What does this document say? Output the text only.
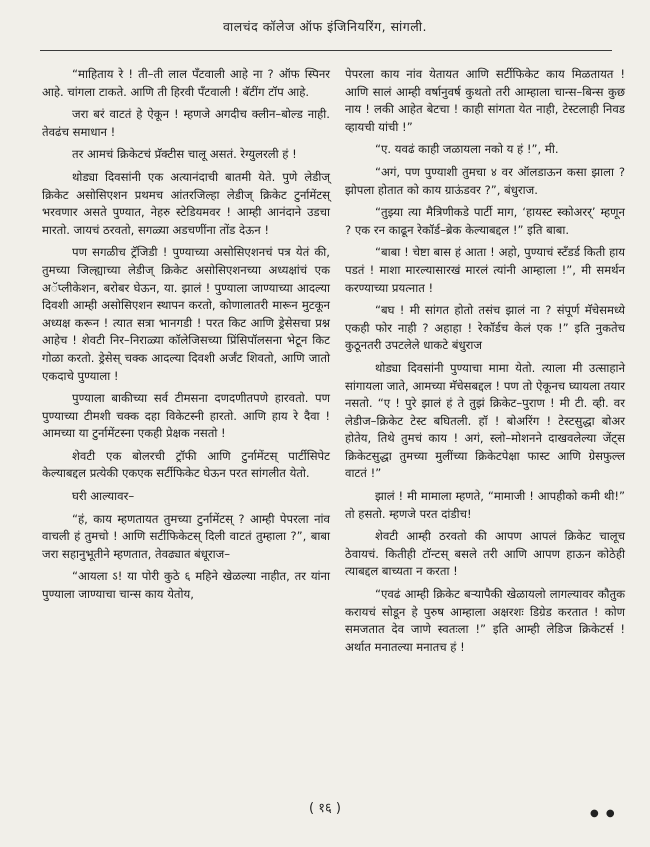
वालचंद कॉलेज ऑफ इंजिनियरिंग, सांगली.

“माहिताय रे ! ती–ती लाल पँटवाली आहे ना ? ऑफ स्पिनर आहे. चांगला टाकते. आणि ती हिरवी पँटवाली ! बॅटींग टॉप आहे.

जरा बरं वाटतं हे ऐकून ! म्हणजे अगदीच क्लीन–बोल्ड नाही. तेवढंच समाधान !

तर आमचं क्रिकेटचं प्रॅक्टीस चालू असतं. रेग्युलरली हं !

थोड्या दिवसांनी एक अत्यानंदाची बातमी येते. पुणे लेडीज् क्रिकेट असोसिएशन प्रथमच आंतरजिल्हा लेडीज् क्रिकेट टुर्नामेंटस् भरवणार असते पुण्यात, नेहरु स्टेडियमवर ! आम्ही आनंदाने उडचा मारतो. जायचं ठरवतो, सगळ्या अडचणींना तोंड देऊन !

पण सगळीच ट्रॅजिडी ! पुण्याच्या असोसिएशनचं पत्र येतं की, तुमच्या जिल्ह्याच्या लेडीज् क्रिकेट असोसिएशनच्या अध्यक्षांचं एक अॅप्लीकेशन, बरोबर घेऊन, या. झालं ! पुण्याला जाण्याच्या आदल्या दिवशी आम्ही असोसिएशन स्थापन करतो, कोणालातरी मारून मुटकून अध्यक्ष करून ! त्यात सत्रा भानगडी ! परत किट आणि ड्रेसेसचा प्रश्न आहेच ! शेवटी निर–निराळ्या कॉलेजिसच्या प्रिंसिपॉलसना भेटून किट गोळा करतो. ड्रेसेस् चक्क आदल्या दिवशी अर्जंट शिवतो, आणि जातो एकदाचे पुण्याला !

पुण्याला बाकीच्या सर्व टीमसना दणदणीतपणे हारवतो. पण पुण्याच्या टीमशी चक्क दहा विकेटस्नी हारतो. आणि हाय रे दैवा ! आमच्या या टुर्नामेंटस्ना एकही प्रेक्षक नसतो !

शेवटी एक बोलरची ट्रॉफी आणि टुर्नामेंटस् पार्टीसिपेट केल्याबद्दल प्रत्येकी एकएक सर्टीफिकेट घेऊन परत सांगलीत येतो.

घरी आल्यावर–

“हं, काय म्हणतायत तुमच्या टुर्नामेंटस् ? आम्ही पेपरला नांव वाचली हं तुमचो ! आणि सर्टीफिकेटस् दिली वाटतं तुम्हाला ?”, बाबा जरा सहानुभूतीने म्हणतात, तेवढ्यात बंधूराज–

“आयला ऽ! या पोरी कुठे ६ महिने खेळल्या नाहीत, तर यांना पुण्याला जाण्याचा चान्स काय येतोय,

पेपरला काय नांव येतायत आणि सर्टीफिकेट काय मिळतायत ! आणि सालं आम्ही वर्षानुवर्ष कुथतो तरी आम्हाला चान्स–बिन्स कुछ नाय ! लकी आहेत बेटचा ! काही सांगता येत नाही, टेस्टलाही निवड व्हायची यांची !”

“ए. यवढं काही जळायला नको य हं !”, मी.

“अगं, पण पुण्याशी तुमचा ४ वर ऑलडाऊन कसा झाला ? झोपला होतात को काय ग्राऊंडवर ?”, बंधुराज.

“तुझ्या त्या मैत्रिणीकडे पार्टी माग, ‘हायस्ट स्कोअरर्’ म्हणून ? एक रन काढून रेकॉर्ड–ब्रेक केल्याबद्दल !” इति बाबा.

“बाबा ! चेष्टा बास हं आता ! अहो, पुण्याचं स्टॅंडर्ड किती हाय पडतं ! माशा मारल्यासारखं मारलं त्यांनी आम्हाला !”, मी समर्थन करण्याच्या प्रयत्नात !

“बघ ! मी सांगत होतो तसंच झालं ना ? संपूर्ण मॅचेसमध्ये एकही फोर नाही ? अहाहा ! रेकॉर्डच केलं एक !” इति नुकतेच कुठूनतरी उपटलेले धाकटे बंधुराज

थोड्या दिवसांनी पुण्याचा मामा येतो. त्याला मी उत्साहाने सांगायला जाते, आमच्या मॅचेसबद्दल ! पण तो ऐकूनच घ्यायला तयार नसतो. “ए ! पुरे झालं हं ते तुझं क्रिकेट–पुराण ! मी टी. व्ही. वर लेडीज–क्रिकेट टेस्ट बघितली. हॉ ! बोअरिंग ! टेस्टसुद्धा बोअर होतेय, तिथे तुमचं काय ! अगं, स्लो–मोशनने दाखवलेल्या जेंट्स क्रिकेटसुद्धा तुमच्या मुलींच्या क्रिकेटपेक्षा फास्ट आणि ग्रेसफुल्ल वाटतं !”

झालं ! मी मामाला म्हणते, “मामाजी ! आपहीको कमी थी!” तो हसतो. म्हणजे परत दांडीच!

शेवटी आम्ही ठरवतो की आपण आपलं क्रिकेट चालूच ठेवायचं. कितीही टॉन्टस् बसले तरी आणि आपण हाऊन कोठेही त्याबद्दल बाच्यता न करता !

“एवढं आम्ही क्रिकेट बऱ्यापैकी खेळायलो लागल्यावर कौतुक करायचं सोडून हे पुरुष आम्हाला अक्षरशः डिग्रेड करतात ! कोण समजतात देव जाणे स्वतःला !” इति आम्ही लेडिज क्रिकेटर्स ! अर्थात मनातल्या मनातच हं !

( १६ )	● ●
